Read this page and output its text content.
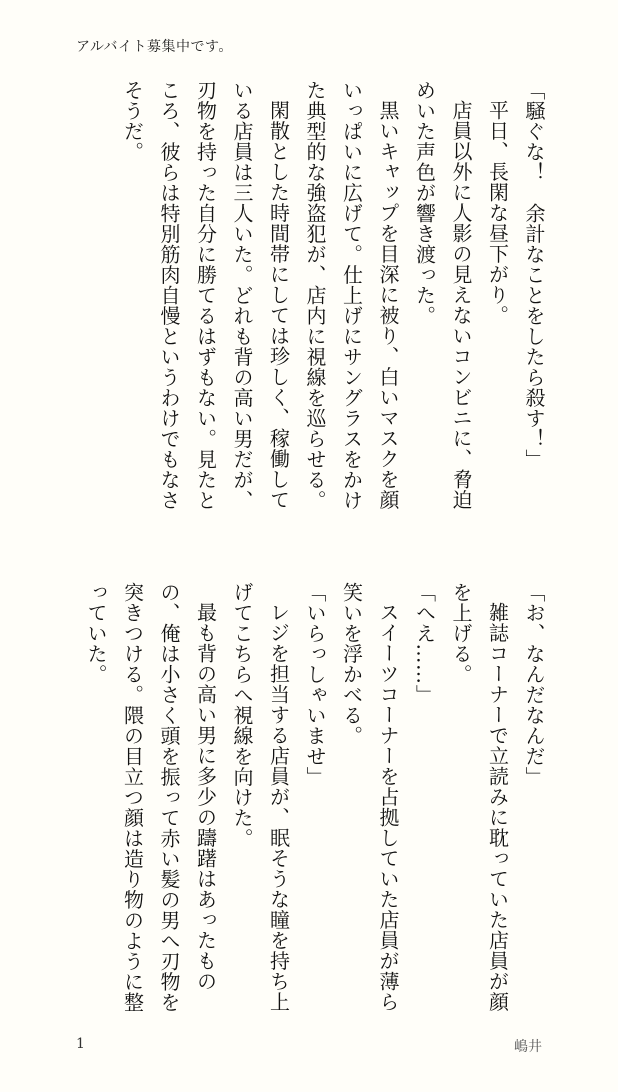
アルバイト募集中です。

「騒ぐな！　余計なことをしたら殺す！」

平日、長閑な昼下がり。

店員以外に人影の見えないコンビニに、脅迫めいた声色が響き渡った。

黒いキャップを目深に被り、白いマスクを顔いっぱいに広げて。仕上げにサングラスをかけた典型的な強盗犯が、店内に視線を巡らせる。

閑散とした時間帯にしては珍しく、稼働している店員は三人いた。どれも背の高い男だが、刃物を持った自分に勝てるはずもない。見たところ、彼らは特別筋肉自慢というわけでもなさそうだ。

「お、なんだなんだ」

雑誌コーナーで立読みに耽っていた店員が顔を上げる。

「へえ……」

スイーツコーナーを占拠していた店員が薄ら笑いを浮かべる。

「いらっしゃいませ」

レジを担当する店員が、眠そうな瞳を持ち上げてこちらへ視線を向けた。

最も背の高い男に多少の躊躇はあったものの、俺は小さく頭を振って赤い髪の男へ刃物を突きつける。隈の目立つ顔は造り物のように整っていた。

1	嶋井
